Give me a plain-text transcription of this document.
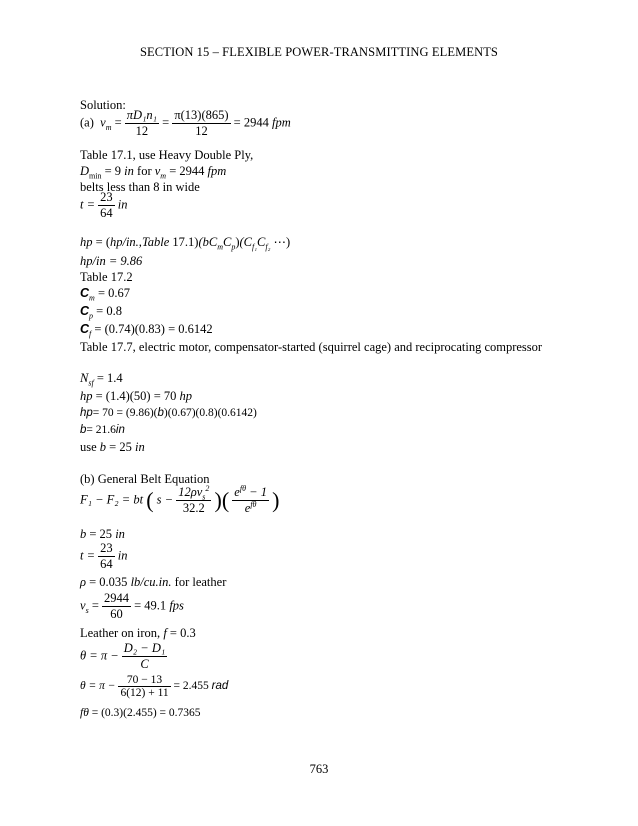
SECTION 15 – FLEXIBLE POWER-TRANSMITTING ELEMENTS
Solution:
(a) $v_m = \frac{\text{πD₁n₁}}{12} = \frac{\pi(13)(865)}{12} = 2944$ fpm
Table 17.1, use Heavy Double Ply,
$D_{min} = 9$ in for $v_m = 2944$ fpm
belts less than 8 in wide
$t = \frac{23}{64}$ in
hp = (hp/in.,Table $17.1)(bC_mC_p)(C_{f_1}C_{f_2}$ ⋯)
hp/in = 9.86
Table 17.2
$C_m = 0.67$
$C_p = 0.8$
$C_f = (0.74)(0.83) = 0.6142$
Table 17.7, electric motor, compensator-started (squirrel cage) and reciprocating compressor
$N_{sf} = 1.4$
hp = (1.4)(50) = 70 hp
hp= 70 = (9.86)(b)(0.67)(0.8)(0.6142)
b= 21.6in
use b = 25 in
(b) General Belt Equation
F₁ − F₂ = bt ( $s - \frac{12\rho v_s^2}{32.2}$ )( $\frac{e^{f\theta} - 1}{e^{f\theta}}$ )
b = 25 in
$t = \frac{23}{64}$ in
ρ = 0.035 lb/cu.in. for leather
$v_s = \frac{2944}{60} = 49.1$ fps
Leather on iron, f = 0.3
$\theta = \pi - \frac{\text{D₂ − D₁}}{C}$
$\theta = \pi - \frac{70 - 13}{6(12) + 11} = 2.455$ rad
fθ = (0.3)(2.455) = 0.7365
763
